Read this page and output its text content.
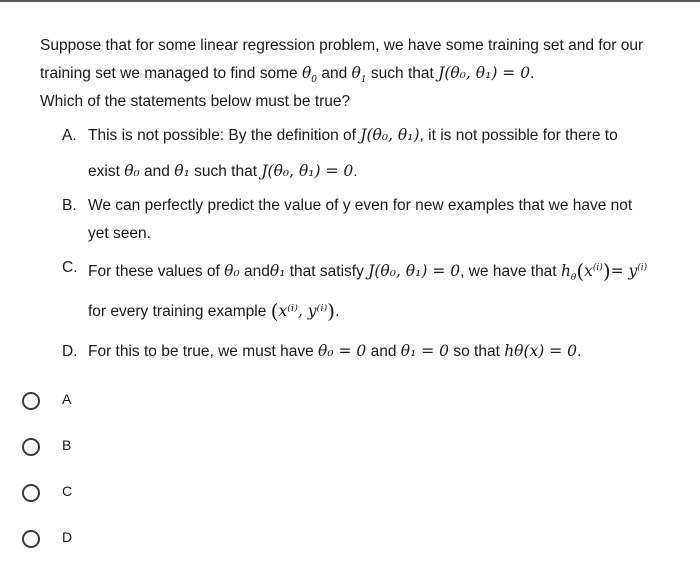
Suppose that for some linear regression problem, we have some training set and for our
training set we managed to find some $\theta_0$ and $\theta_1$ such that J(θ₀, θ₁) = 0.
Which of the statements below must be true?
A. This is not possible: By the definition of J(θ₀, θ₁), it is not possible for there to
exist θ₀ and θ₁ such that J(θ₀, θ₁) = 0.
B. We can perfectly predict the value of y even for new examples that we have not
yet seen.
C. For these values of θ₀ andθ₁ that satisfy J(θ₀, θ₁) = 0, we have that $h_\theta(x^{(i)})= y^{(i)}$
for every training example (x⁽ⁱ⁾, y⁽ⁱ⁾).
D. For this to be true, we must have θ₀ = 0 and θ₁ = 0 so that hθ(x) = 0.
A
B
C
D
